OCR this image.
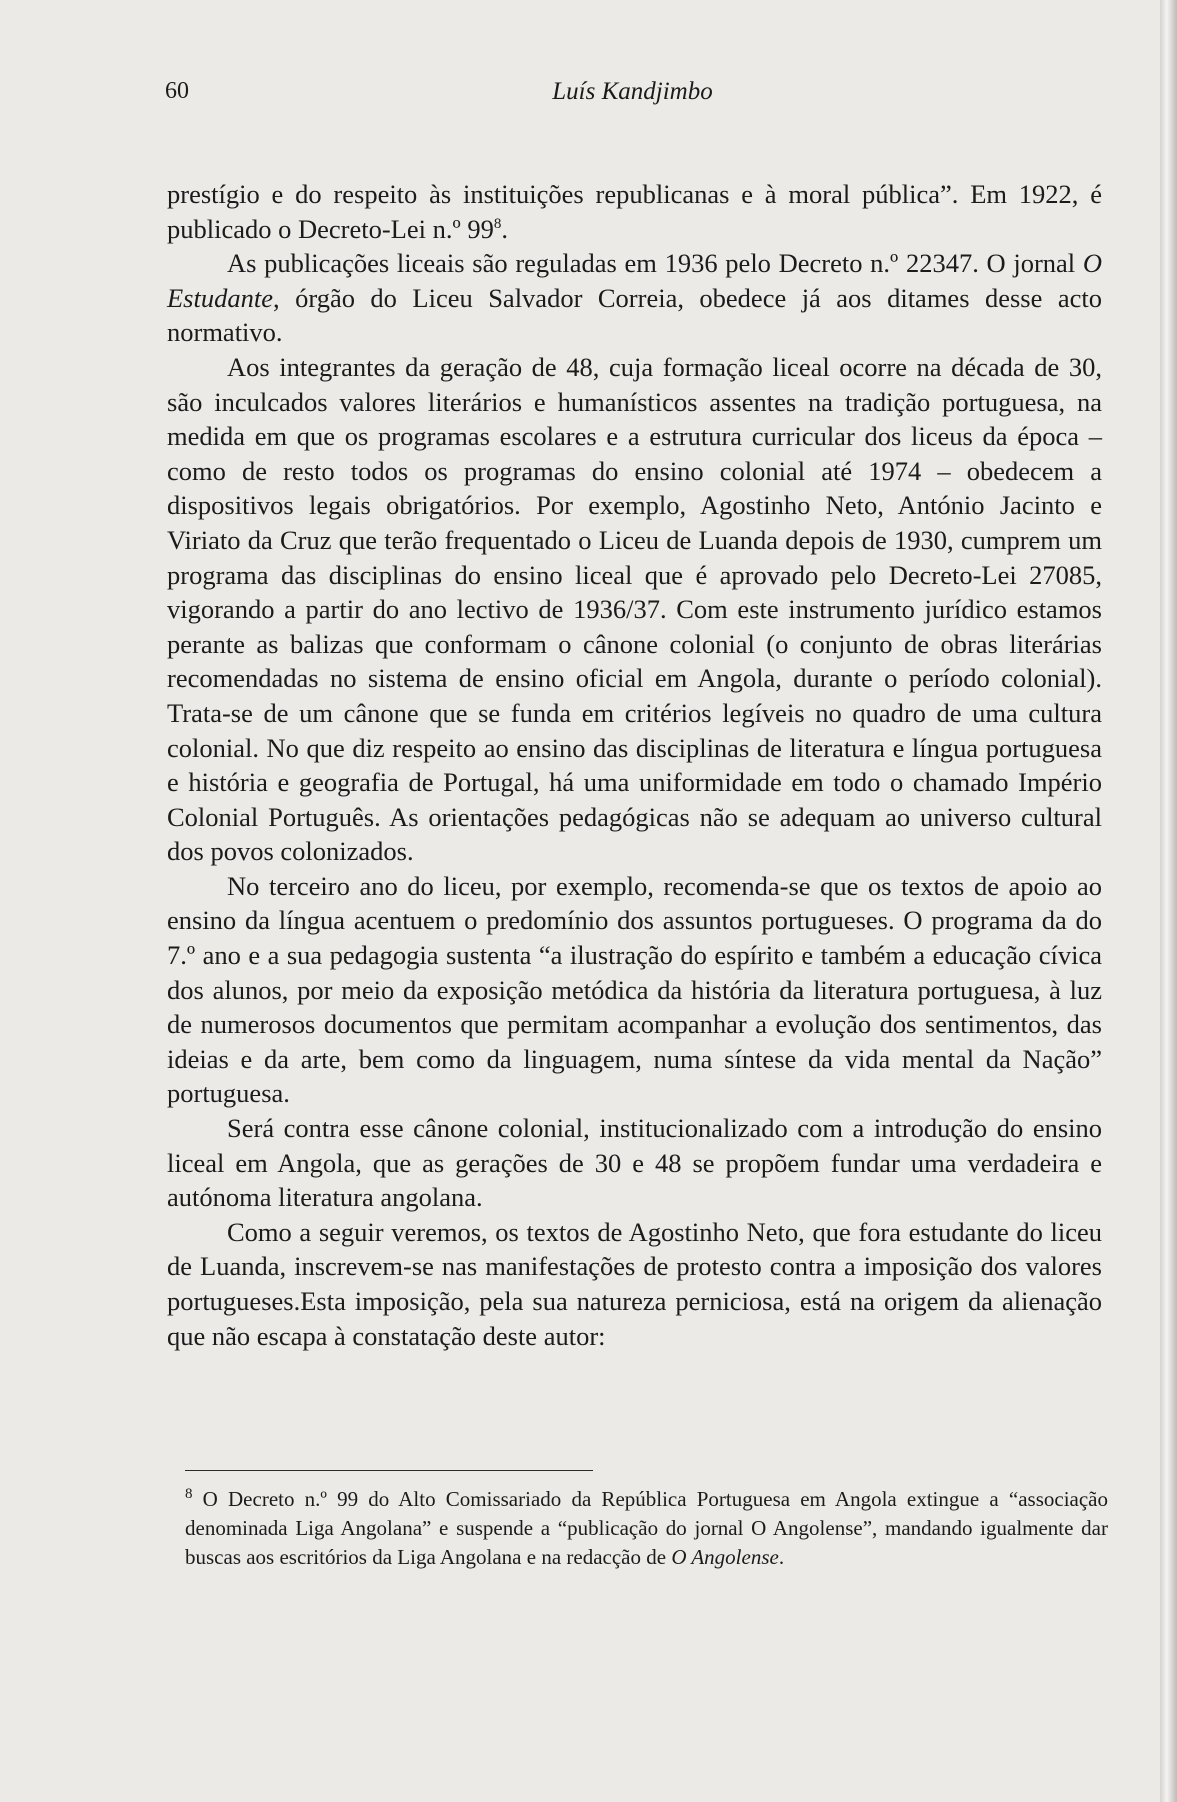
60	Luís Kandjimbo

prestígio e do respeito às instituições republicanas e à moral pública”. Em 1922, é publicado o Decreto-Lei n.º $99^8$.

As publicações liceais são reguladas em 1936 pelo Decreto n.º 22347. O jornal O Estudante, órgão do Liceu Salvador Correia, obedece já aos ditames desse acto normativo.

Aos integrantes da geração de 48, cuja formação liceal ocorre na década de 30, são inculcados valores literários e humanísticos assentes na tradição portuguesa, na medida em que os programas escolares e a estrutura curricular dos liceus da época – como de resto todos os programas do ensino colonial até 1974 – obedecem a dispositivos legais obrigatórios. Por exemplo, Agostinho Neto, António Jacinto e Viriato da Cruz que terão frequentado o Liceu de Luanda depois de 1930, cumprem um programa das disciplinas do ensino liceal que é aprovado pelo Decreto-Lei 27085, vigorando a partir do ano lectivo de 1936/37. Com este instrumento jurídico estamos perante as balizas que conformam o cânone colonial (o conjunto de obras literárias recomendadas no sistema de ensino oficial em Angola, durante o período colonial). Trata-se de um cânone que se funda em critérios legíveis no quadro de uma cultura colonial. No que diz respeito ao ensino das disciplinas de literatura e língua portuguesa e história e geografia de Portugal, há uma uniformidade em todo o chamado Império Colonial Português. As orientações pedagógicas não se adequam ao universo cultural dos povos colonizados.

No terceiro ano do liceu, por exemplo, recomenda-se que os textos de apoio ao ensino da língua acentuem o predomínio dos assuntos portugueses. O programa da do 7.º ano e a sua pedagogia sustenta “a ilustração do espírito e também a educação cívica dos alunos, por meio da exposição metódica da história da literatura portuguesa, à luz de numerosos documentos que permitam acompanhar a evolução dos sentimentos, das ideias e da arte, bem como da linguagem, numa síntese da vida mental da Nação” portuguesa.

Será contra esse cânone colonial, institucionalizado com a introdução do ensino liceal em Angola, que as gerações de 30 e 48 se propõem fundar uma verdadeira e autónoma literatura angolana.

Como a seguir veremos, os textos de Agostinho Neto, que fora estudante do liceu de Luanda, inscrevem-se nas manifestações de protesto contra a imposição dos valores portugueses.Esta imposição, pela sua natureza perniciosa, está na origem da alienação que não escapa à constatação deste autor:

$^8$ O Decreto n.º 99 do Alto Comissariado da República Portuguesa em Angola extingue a “associação denominada Liga Angolana” e suspende a “publicação do jornal O Angolense”, mandando igualmente dar buscas aos escritórios da Liga Angolana e na redacção de O Angolense.
